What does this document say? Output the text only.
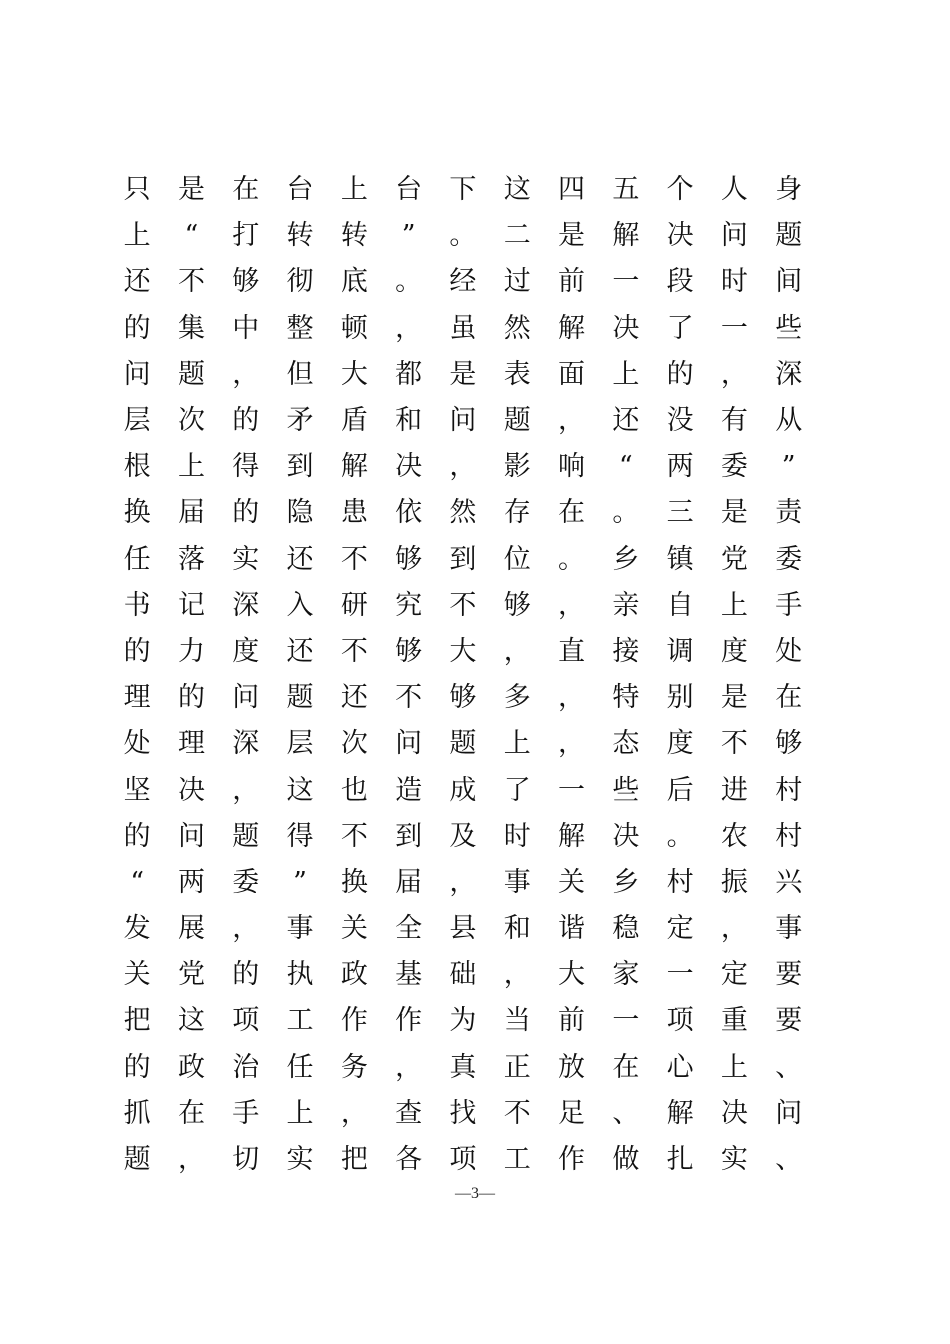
只	是	在	台	上	台	下	这	四	五	个	人	身
上	“	打	转	转	”	。	二	是	解	决	问	题
还	不	够	彻	底	。	经	过	前	一	段	时	间
的	集	中	整	顿	，	虽	然	解	决	了	一	些
问	题	，	但	大	都	是	表	面	上	的	，	深
层	次	的	矛	盾	和	问	题	，	还	没	有	从
根	上	得	到	解	决	，	影	响	“	两	委	”
换	届	的	隐	患	依	然	存	在	。	三	是	责
任	落	实	还	不	够	到	位	。	乡	镇	党	委
书	记	深	入	研	究	不	够	，	亲	自	上	手
的	力	度	还	不	够	大	，	直	接	调	度	处
理	的	问	题	还	不	够	多	，	特	别	是	在
处	理	深	层	次	问	题	上	，	态	度	不	够
坚	决	，	这	也	造	成	了	一	些	后	进	村
的	问	题	得	不	到	及	时	解	决	。	农	村
“	两	委	”	换	届	，	事	关	乡	村	振	兴
发	展	，	事	关	全	县	和	谐	稳	定	，	事
关	党	的	执	政	基	础	，	大	家	一	定	要
把	这	项	工	作	作	为	当	前	一	项	重	要
的	政	治	任	务	，	真	正	放	在	心	上	、
抓	在	手	上	，	查	找	不	足	、	解	决	问
题	，	切	实	把	各	项	工	作	做	扎	实	、
—3—
